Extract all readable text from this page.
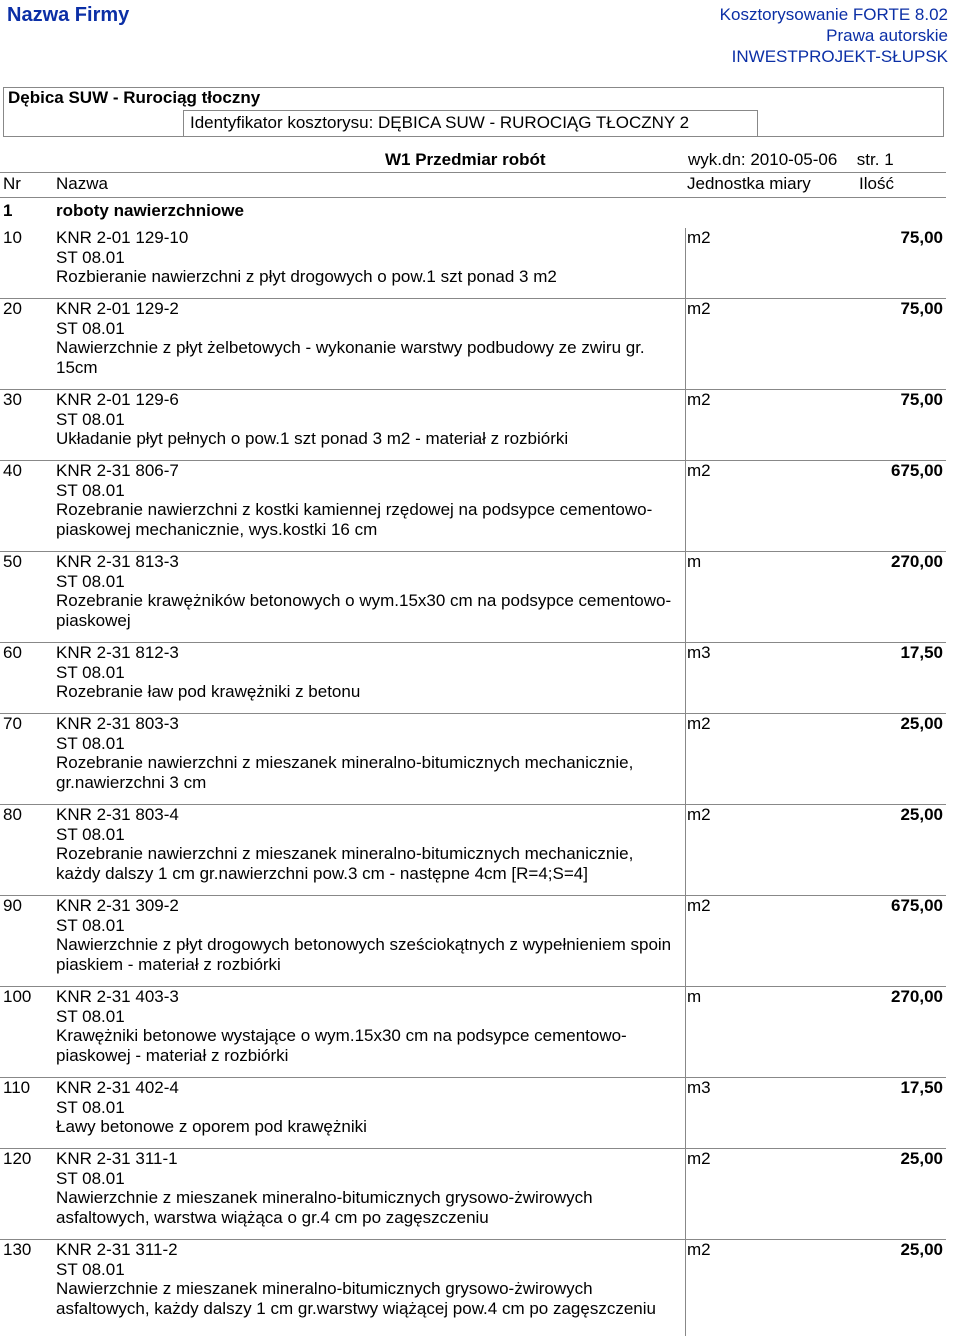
Nazwa Firmy	Kosztorysowanie FORTE 8.02
Prawa autorskie
INWESTPROJEKT-SŁUPSK
Dębica SUW - Rurociąg tłoczny
Identyfikator kosztorysu: DĘBICA SUW - RUROCIĄG TŁOCZNY 2
W1 Przedmiar robót	wyk.dn: 2010-05-06 str. 1
Nr Nazwa	Jednostka miary	Ilość
1	roboty nawierzchniowe
10 KNR 2-01 129-10
ST 08.01
Rozbieranie nawierzchni z płyt drogowych o pow.1 szt ponad 3 m2
m2	75,00
20 KNR 2-01 129-2
ST 08.01
Nawierzchnie z płyt żelbetowych - wykonanie warstwy podbudowy ze zwiru gr. 15cm
m2	75,00
30 KNR 2-01 129-6
ST 08.01
Układanie płyt pełnych o pow.1 szt ponad 3 m2 - materiał z rozbiórki
m2	75,00
40 KNR 2-31 806-7
ST 08.01
Rozebranie nawierzchni z kostki kamiennej rzędowej na podsypce cementowo-piaskowej mechanicznie, wys.kostki 16 cm
m2	675,00
50 KNR 2-31 813-3
ST 08.01
Rozebranie krawężników betonowych o wym.15x30 cm na podsypce cementowo-piaskowej
m	270,00
60 KNR 2-31 812-3
ST 08.01
Rozebranie ław pod krawężniki z betonu
m3	17,50
70 KNR 2-31 803-3
ST 08.01
Rozebranie nawierzchni z mieszanek mineralno-bitumicznych mechanicznie, gr.nawierzchni 3 cm
m2	25,00
80 KNR 2-31 803-4
ST 08.01
Rozebranie nawierzchni z mieszanek mineralno-bitumicznych mechanicznie, każdy dalszy 1 cm gr.nawierzchni pow.3 cm - następne 4cm [R=4;S=4]
m2	25,00
90 KNR 2-31 309-2
ST 08.01
Nawierzchnie z płyt drogowych betonowych sześciokątnych z wypełnieniem spoin piaskiem - materiał z rozbiórki
m2	675,00
100 KNR 2-31 403-3
ST 08.01
Krawężniki betonowe wystające o wym.15x30 cm na podsypce cementowo-piaskowej - materiał z rozbiórki
m	270,00
110 KNR 2-31 402-4
ST 08.01
Ławy betonowe z oporem pod krawężniki
m3	17,50
120 KNR 2-31 311-1
ST 08.01
Nawierzchnie z mieszanek mineralno-bitumicznych grysowo-żwirowych asfaltowych, warstwa wiążąca o gr.4 cm po zagęszczeniu
m2	25,00
130 KNR 2-31 311-2
ST 08.01
Nawierzchnie z mieszanek mineralno-bitumicznych grysowo-żwirowych asfaltowych, każdy dalszy 1 cm gr.warstwy wiążącej pow.4 cm po zagęszczeniu
m2	25,00
